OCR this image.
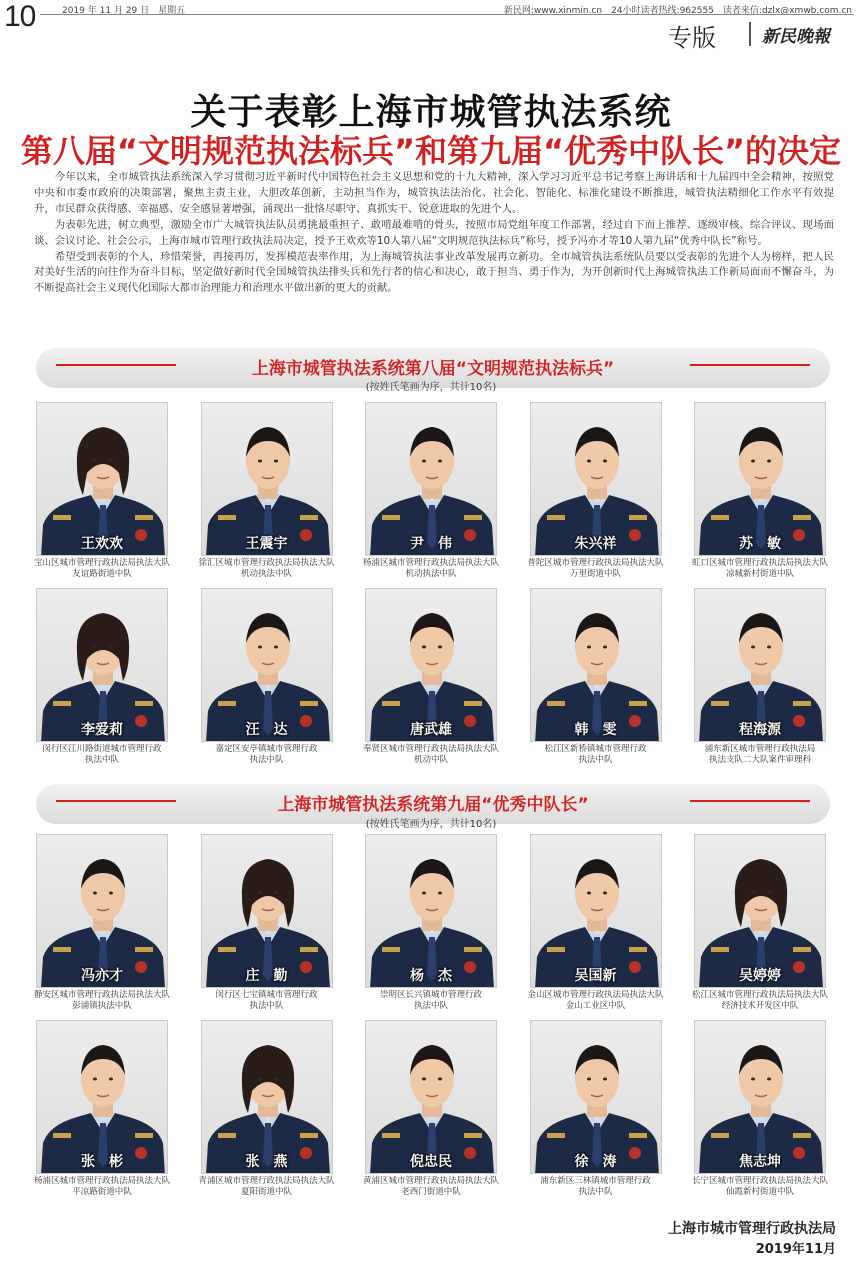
10	2019 年 11 月 29 日　星期五	新民网:www.xinmin.cn　24小时读者热线:962555　读者来信:dzlx@xmwb.com.cn
专版	新民晚報
关于表彰上海市城管执法系统
第八届“文明规范执法标兵”和第九届“优秀中队长”的决定

今年以来，全市城管执法系统深入学习贯彻习近平新时代中国特色社会主义思想和党的十九大精神，深入学习习近平总书记考察上海讲话和十九届四中全会精神，按照党中央和市委市政府的决策部署，聚焦主责主业，大胆改革创新，主动担当作为，城管执法法治化、社会化、智能化、标准化建设不断推进，城管执法精细化工作水平有效提升，市民群众获得感、幸福感、安全感显著增强，涌现出一批恪尽职守、真抓实干、锐意进取的先进个人。

为表彰先进，树立典型，激励全市广大城管执法队员勇挑最重担子、敢啃最难啃的骨头，按照市局党组年度工作部署，经过自下而上推荐、逐级审核、综合评议、现场面谈、会议讨论、社会公示，上海市城市管理行政执法局决定，授予王欢欢等10人第八届“文明规范执法标兵”称号，授予冯亦才等10人第九届“优秀中队长”称号。

希望受到表彰的个人，珍惜荣誉，再接再厉，发挥模范表率作用，为上海城管执法事业改革发展再立新功。全市城管执法系统队员要以受表彰的先进个人为榜样，把人民对美好生活的向往作为奋斗目标，坚定做好新时代全国城管执法排头兵和先行者的信心和决心，敢于担当、勇于作为，为开创新时代上海城管执法工作新局面而不懈奋斗，为不断提高社会主义现代化国际大都市治理能力和治理水平做出新的更大的贡献。

上海市城管执法系统第八届“文明规范执法标兵”
(按姓氏笔画为序，共计10名)
王欢欢
宝山区城市管理行政执法局执法大队
友谊路街道中队
王震宇
徐汇区城市管理行政执法局执法大队
机动执法中队
尹　伟
杨浦区城市管理行政执法局执法大队
机动执法中队
朱兴祥
普陀区城市管理行政执法局执法大队
万里街道中队
苏　敏
虹口区城市管理行政执法局执法大队
凉城新村街道中队
李爱莉
闵行区江川路街道城市管理行政
执法中队
汪　达
嘉定区安亭镇城市管理行政
执法中队
唐武雄
奉贤区城市管理行政执法局执法大队
机动中队
韩　雯
松江区新桥镇城市管理行政
执法中队
程海源
浦东新区城市管理行政执法局
执法支队二大队案件审理科
上海市城管执法系统第九届“优秀中队长”
(按姓氏笔画为序，共计10名)
冯亦才
静安区城市管理行政执法局执法大队
彭浦镇执法中队
庄　勤
闵行区七宝镇城市管理行政
执法中队
杨　杰
崇明区长兴镇城市管理行政
执法中队
吴国新
金山区城市管理行政执法局执法大队
金山工业区中队
吴婷婷
松江区城市管理行政执法局执法大队
经济技术开发区中队
张　彬
杨浦区城市管理行政执法局执法大队
平凉路街道中队
张　燕
青浦区城市管理行政执法局执法大队
夏阳街道中队
倪忠民
黄浦区城市管理行政执法局执法大队
老西门街道中队
徐　涛
浦东新区三林镇城市管理行政
执法中队
焦志坤
长宁区城市管理行政执法局执法大队
仙霞新村街道中队
上海市城市管理行政执法局
2019年11月
